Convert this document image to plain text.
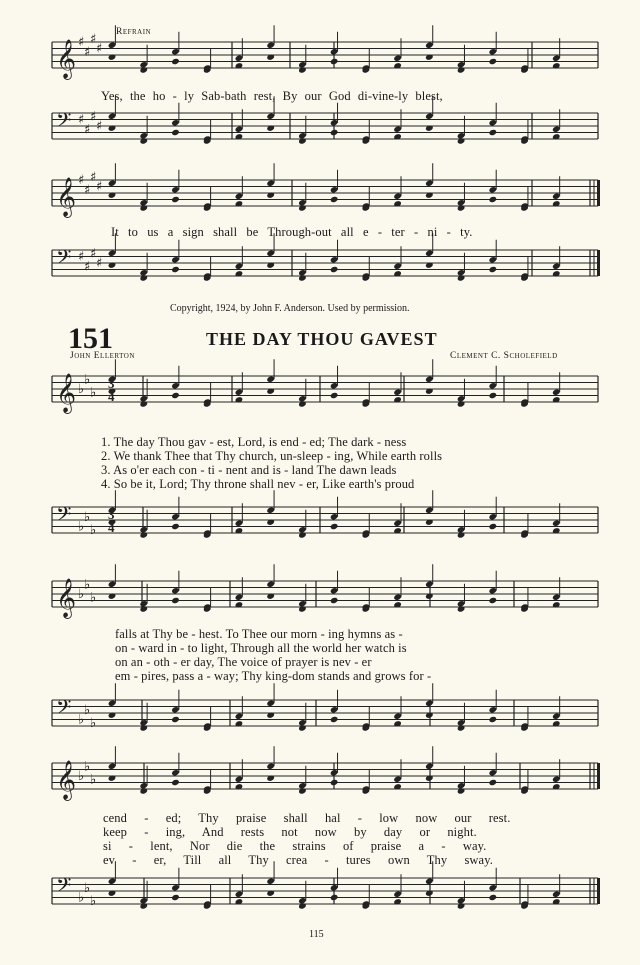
𝄞 ♯
♯
♯
♯
𝄢 ♯
♯
♯
♯
𝄞 ♯
♯
♯
♯
𝄢 ♯
♯
♯
♯
𝄞 ♭
♭
♭
𝄢 ♭
♭
♭
𝄞 ♭
♭
♭
𝄢 ♭
♭
♭
𝄞 ♭
♭
♭
𝄢 ♭
♭
♭
3
4
3
4
Refrain
Yes, the ho - ly Sab-bath rest, By our God di-vine-ly blest,
It to us a sign shall be Through-out all e - ter - ni - ty.
Copyright, 1924, by John F. Anderson. Used by permission.
151	THE DAY THOU GAVEST
John Ellerton	Clement C. Scholefield
1. The day Thou gav - est, Lord, is end - ed; The dark - ness
2. We thank Thee that Thy church, un-sleep - ing, While earth rolls
3. As o'er each con - ti - nent and is - land The dawn leads
4. So be it, Lord; Thy throne shall nev - er, Like earth's proud
falls at Thy be - hest. To Thee our morn - ing hymns as -
on - ward in - to light, Through all the world her watch is
on an - oth - er day, The voice of prayer is nev - er
em - pires, pass a - way; Thy king-dom stands and grows for -
cend - ed; Thy praise shall hal - low now our rest.
keep - ing, And rests not now by day or night.
si - lent, Nor die the strains of praise a - way.
ev - er, Till all Thy crea - tures own Thy sway.
115
